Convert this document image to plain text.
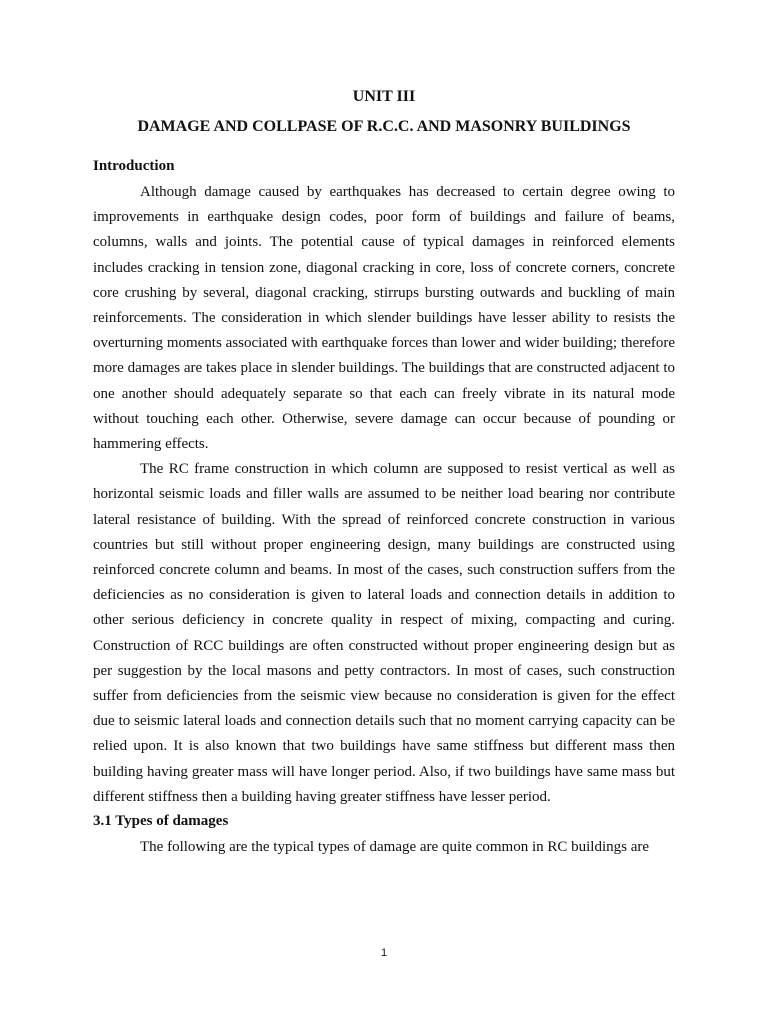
UNIT III
DAMAGE AND COLLPASE OF R.C.C. AND MASONRY BUILDINGS
Introduction

Although damage caused by earthquakes has decreased to certain degree owing to improvements in earthquake design codes, poor form of buildings and failure of beams, columns, walls and joints. The potential cause of typical damages in reinforced elements includes cracking in tension zone, diagonal cracking in core, loss of concrete corners, concrete core crushing by several, diagonal cracking, stirrups bursting outwards and buckling of main reinforcements. The consideration in which slender buildings have lesser ability to resists the overturning moments associated with earthquake forces than lower and wider building; therefore more damages are takes place in slender buildings. The buildings that are constructed adjacent to one another should adequately separate so that each can freely vibrate in its natural mode without touching each other. Otherwise, severe damage can occur because of pounding or hammering effects.

The RC frame construction in which column are supposed to resist vertical as well as horizontal seismic loads and filler walls are assumed to be neither load bearing nor contribute lateral resistance of building. With the spread of reinforced concrete construction in various countries but still without proper engineering design, many buildings are constructed using reinforced concrete column and beams. In most of the cases, such construction suffers from the deficiencies as no consideration is given to lateral loads and connection details in addition to other serious deficiency in concrete quality in respect of mixing, compacting and curing. Construction of RCC buildings are often constructed without proper engineering design but as per suggestion by the local masons and petty contractors. In most of cases, such construction suffer from deficiencies from the seismic view because no consideration is given for the effect due to seismic lateral loads and connection details such that no moment carrying capacity can be relied upon. It is also known that two buildings have same stiffness but different mass then building having greater mass will have longer period. Also, if two buildings have same mass but different stiffness then a building having greater stiffness have lesser period.

3.1 Types of damages

The following are the typical types of damage are quite common in RC buildings are

1
